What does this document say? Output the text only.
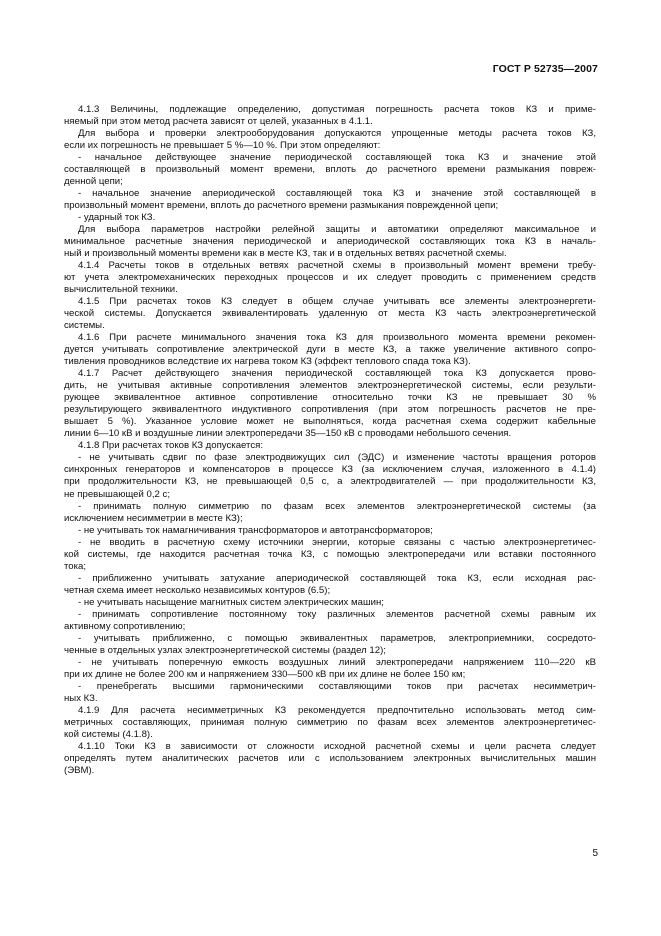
ГОСТ Р 52735—2007
4.1.3 Величины, подлежащие определению, допустимая погрешность расчета токов КЗ и приме-
няемый при этом метод расчета зависят от целей, указанных в 4.1.1.
Для выбора и проверки электрооборудования допускаются упрощенные методы расчета токов КЗ,
если их погрешность не превышает 5 %—10 %. При этом определяют:
- начальное действующее значение периодической составляющей тока КЗ и значение этой
составляющей в произвольный момент времени, вплоть до расчетного времени размыкания повреж-
денной цепи;
- начальное значение апериодической составляющей тока КЗ и значение этой составляющей в
произвольный момент времени, вплоть до расчетного времени размыкания поврежденной цепи;
- ударный ток КЗ.
Для выбора параметров настройки релейной защиты и автоматики определяют максимальное и
минимальное расчетные значения периодической и апериодической составляющих тока КЗ в началь-
ный и произвольный моменты времени как в месте КЗ, так и в отдельных ветвях расчетной схемы.
4.1.4 Расчеты токов в отдельных ветвях расчетной схемы в произвольный момент времени требу-
ют учета электромеханических переходных процессов и их следует проводить с применением средств
вычислительной техники.
4.1.5 При расчетах токов КЗ следует в общем случае учитывать все элементы электроэнергети-
ческой системы. Допускается эквивалентировать удаленную от места КЗ часть электроэнергетической
системы.
4.1.6 При расчете минимального значения тока КЗ для произвольного момента времени рекомен-
дуется учитывать сопротивление электрической дуги в месте КЗ, а также увеличение активного сопро-
тивления проводников вследствие их нагрева током КЗ (эффект теплового спада тока КЗ).
4.1.7 Расчет действующего значения периодической составляющей тока КЗ допускается прово-
дить, не учитывая активные сопротивления элементов электроэнергетической системы, если результи-
рующее эквивалентное активное сопротивление относительно точки КЗ не превышает 30 %
результирующего эквивалентного индуктивного сопротивления (при этом погрешность расчетов не пре-
вышает 5 %). Указанное условие может не выполняться, когда расчетная схема содержит кабельные
линии 6—10 кВ и воздушные линии электропередачи 35—150 кВ с проводами небольшого сечения.
4.1.8 При расчетах токов КЗ допускается:
- не учитывать сдвиг по фазе электродвижущих сил (ЭДС) и изменение частоты вращения роторов
синхронных генераторов и компенсаторов в процессе КЗ (за исключением случая, изложенного в 4.1.4)
при продолжительности КЗ, не превышающей 0,5 с, а электродвигателей — при продолжительности КЗ,
не превышающей 0,2 с;
- принимать полную симметрию по фазам всех элементов электроэнергетической системы (за
исключением несимметрии в месте КЗ);
- не учитывать ток намагничивания трансформаторов и автотрансформаторов;
- не вводить в расчетную схему источники энергии, которые связаны с частью электроэнергетичес-
кой системы, где находится расчетная точка КЗ, с помощью электропередачи или вставки постоянного
тока;
- приближенно учитывать затухание апериодической составляющей тока КЗ, если исходная рас-
четная схема имеет несколько независимых контуров (6.5);
- не учитывать насыщение магнитных систем электрических машин;
- принимать сопротивление постоянному току различных элементов расчетной схемы равным их
активному сопротивлению;
- учитывать приближенно, с помощью эквивалентных параметров, электроприемники, сосредото-
ченные в отдельных узлах электроэнергетической системы (раздел 12);
- не учитывать поперечную емкость воздушных линий электропередачи напряжением 110—220 кВ
при их длине не более 200 км и напряжением 330—500 кВ при их длине не более 150 км;
- пренебрегать высшими гармоническими составляющими токов при расчетах несимметрич-
ных КЗ.
4.1.9 Для расчета несимметричных КЗ рекомендуется предпочтительно использовать метод сим-
метричных составляющих, принимая полную симметрию по фазам всех элементов электроэнергетичес-
кой системы (4.1.8).
4.1.10 Токи КЗ в зависимости от сложности исходной расчетной схемы и цели расчета следует
определять путем аналитических расчетов или с использованием электронных вычислительных машин
(ЭВМ).
5
